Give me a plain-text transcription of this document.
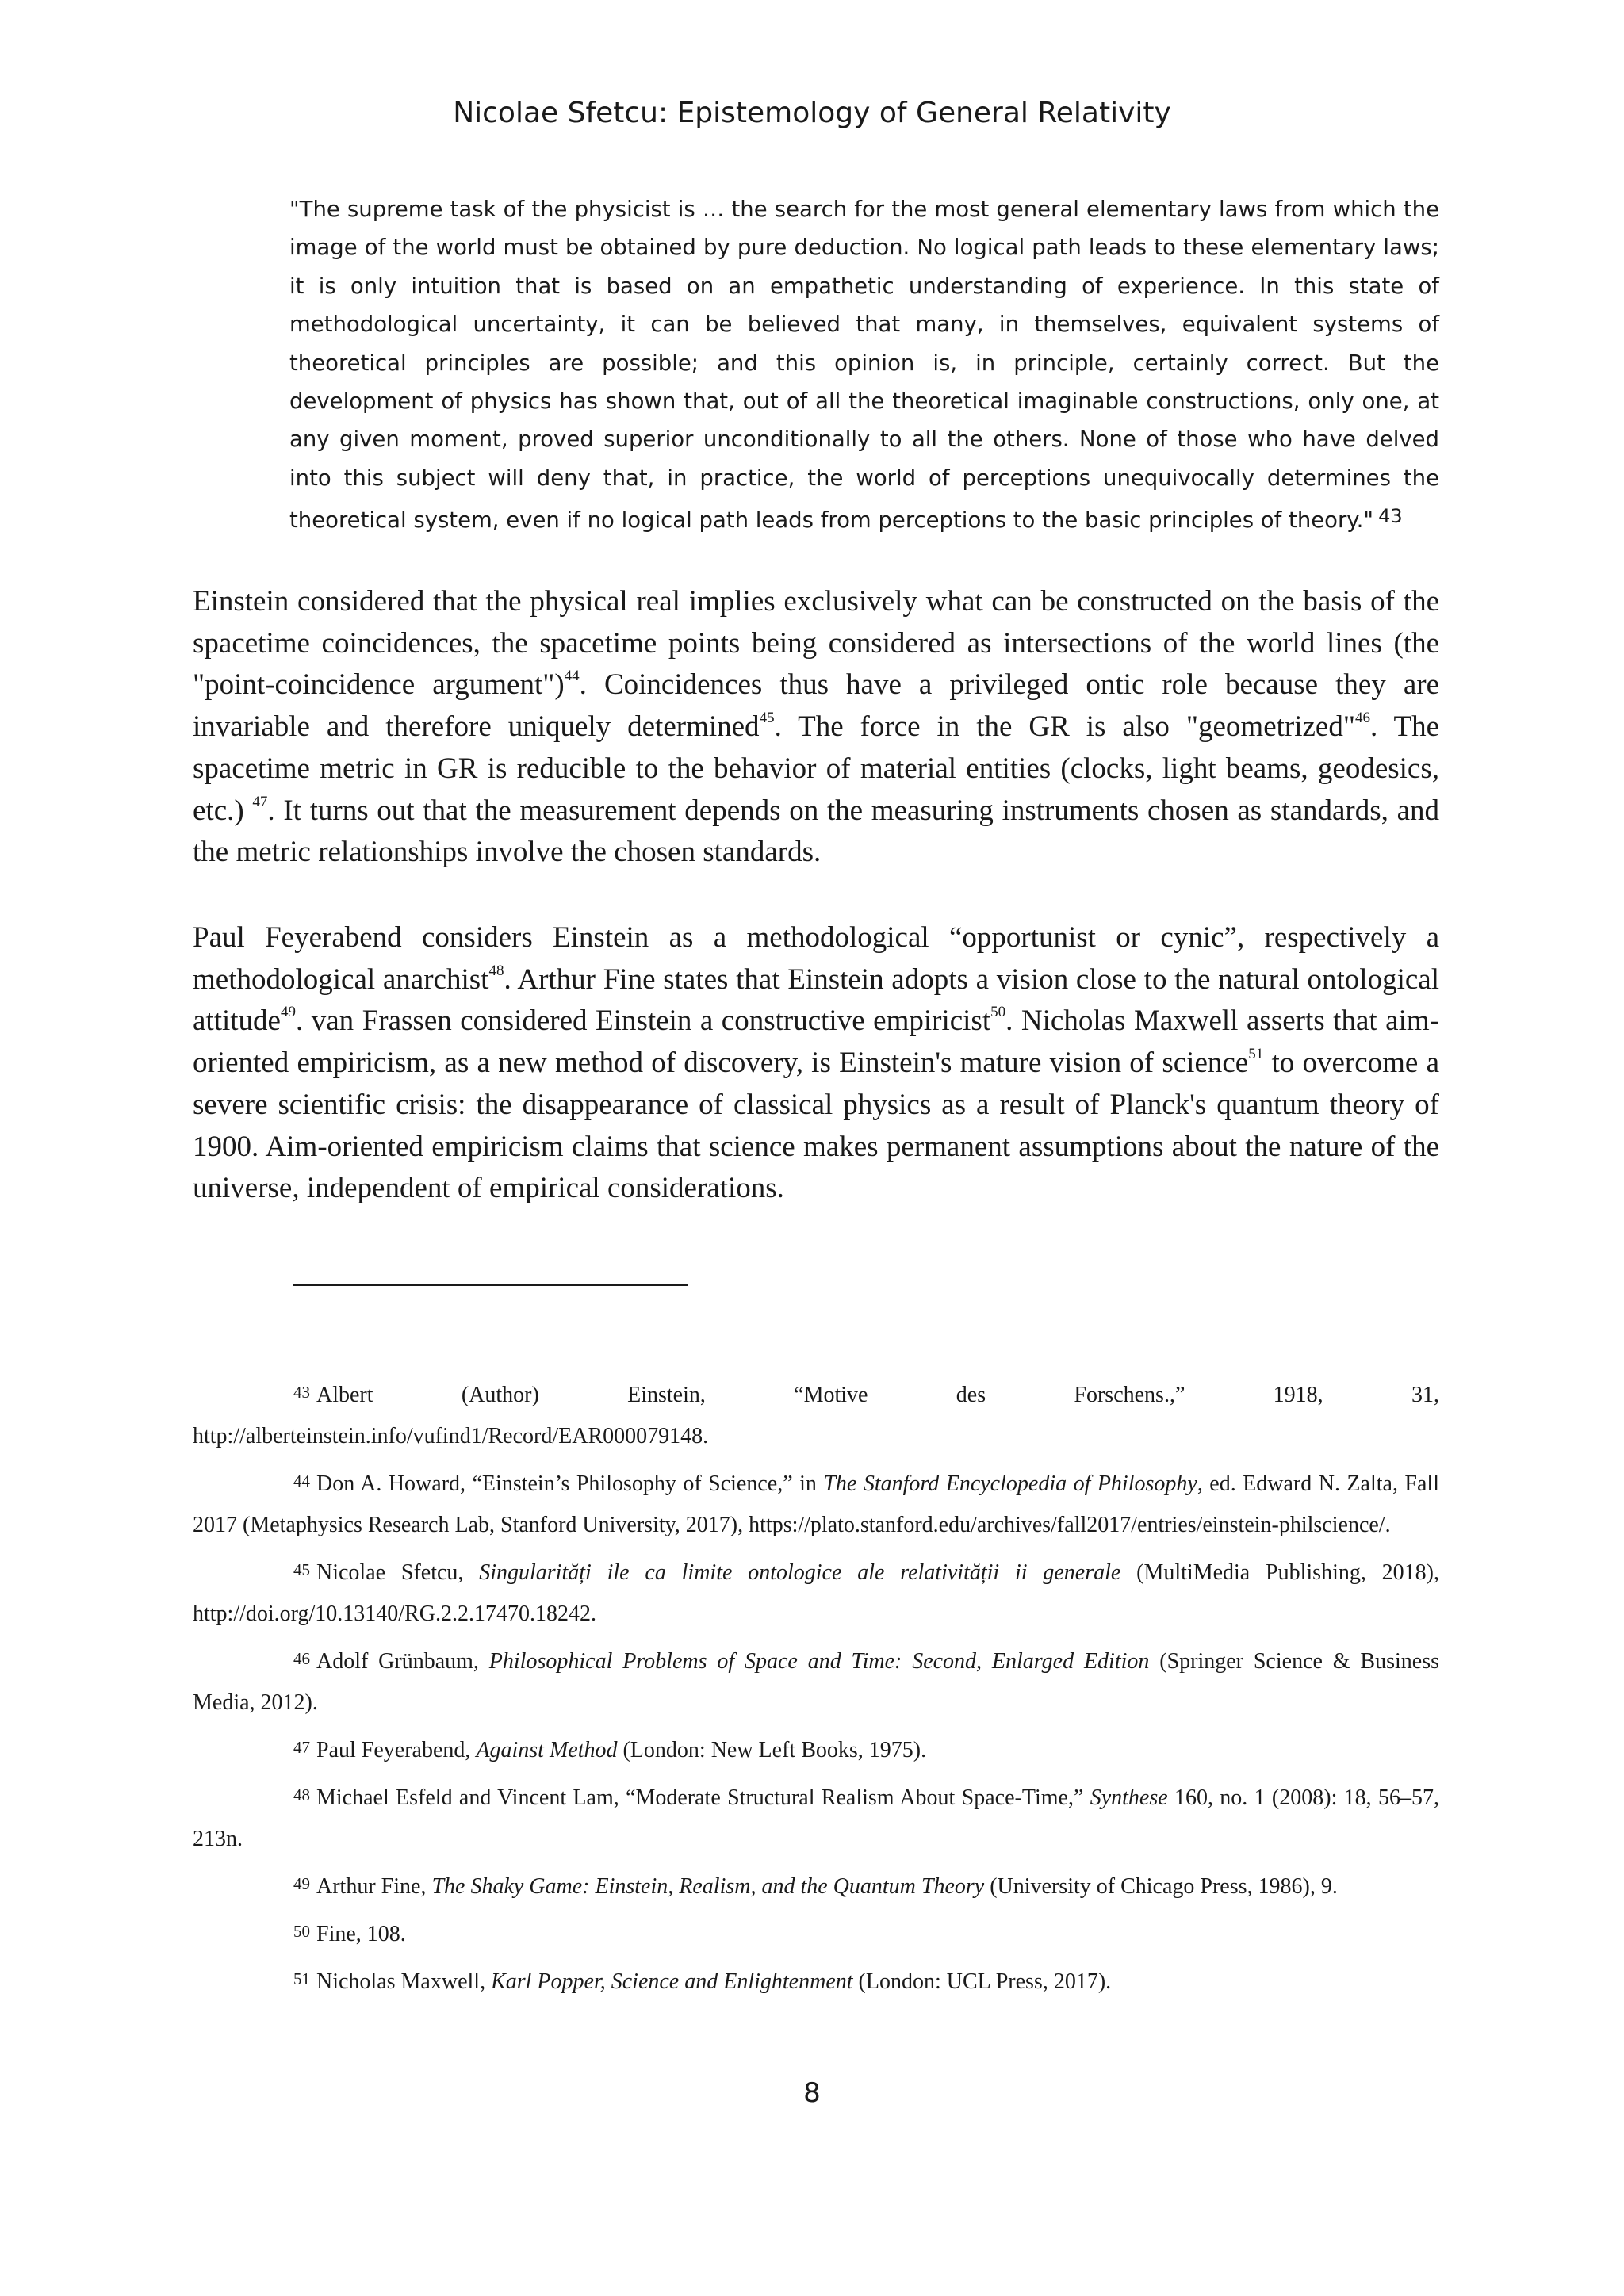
Nicolae Sfetcu: Epistemology of General Relativity
"The supreme task of the physicist is … the search for the most general elementary laws from which the image of the world must be obtained by pure deduction. No logical path leads to these elementary laws; it is only intuition that is based on an empathetic understanding of experience. In this state of methodological uncertainty, it can be believed that many, in themselves, equivalent systems of theoretical principles are possible; and this opinion is, in principle, certainly correct. But the development of physics has shown that, out of all the theoretical imaginable constructions, only one, at any given moment, proved superior unconditionally to all the others. None of those who have delved into this subject will deny that, in practice, the world of perceptions unequivocally determines the theoretical system, even if no logical path leads from perceptions to the basic principles of theory." 43
Einstein considered that the physical real implies exclusively what can be constructed on the basis of the spacetime coincidences, the spacetime points being considered as intersections of the world lines (the "point-coincidence argument")$^{44}$. Coincidences thus have a privileged ontic role because they are invariable and therefore uniquely determined$^{45}$. The force in the GR is also "geometrized"$^{46}$. The spacetime metric in GR is reducible to the behavior of material entities (clocks, light beams, geodesics, etc.) $^{47}$. It turns out that the measurement depends on the measuring instruments chosen as standards, and the metric relationships involve the chosen standards.
Paul Feyerabend considers Einstein as a methodological “opportunist or cynic”, respectively a methodological anarchist$^{48}$. Arthur Fine states that Einstein adopts a vision close to the natural ontological attitude$^{49}$. van Frassen considered Einstein a constructive empiricist$^{50}$. Nicholas Maxwell asserts that aim-oriented empiricism, as a new method of discovery, is Einstein's mature vision of science$^{51}$ to overcome a severe scientific crisis: the disappearance of classical physics as a result of Planck's quantum theory of 1900. Aim-oriented empiricism claims that science makes permanent assumptions about the nature of the universe, independent of empirical considerations.

43 Albert (Author) Einstein, “Motive des Forschens.,” 1918, 31,
http://alberteinstein.info/vufind1/Record/EAR000079148.

44 Don A. Howard, “Einstein’s Philosophy of Science,” in The Stanford Encyclopedia of Philosophy, ed. Edward N. Zalta, Fall 2017 (Metaphysics Research Lab, Stanford University, 2017), https://plato.stanford.edu/archives/fall2017/entries/einstein-philscience/.

45 Nicolae Sfetcu, Singularități ile ca limite ontologice ale relativității ii generale (MultiMedia Publishing, 2018), http://doi.org/10.13140/RG.2.2.17470.18242.

46 Adolf Grünbaum, Philosophical Problems of Space and Time: Second, Enlarged Edition (Springer Science & Business Media, 2012).

47 Paul Feyerabend, Against Method (London: New Left Books, 1975).

48 Michael Esfeld and Vincent Lam, “Moderate Structural Realism About Space-Time,” Synthese 160, no. 1 (2008): 18, 56–57, 213n.

49 Arthur Fine, The Shaky Game: Einstein, Realism, and the Quantum Theory (University of Chicago Press, 1986), 9.

50 Fine, 108.

51 Nicholas Maxwell, Karl Popper, Science and Enlightenment (London: UCL Press, 2017).

8
